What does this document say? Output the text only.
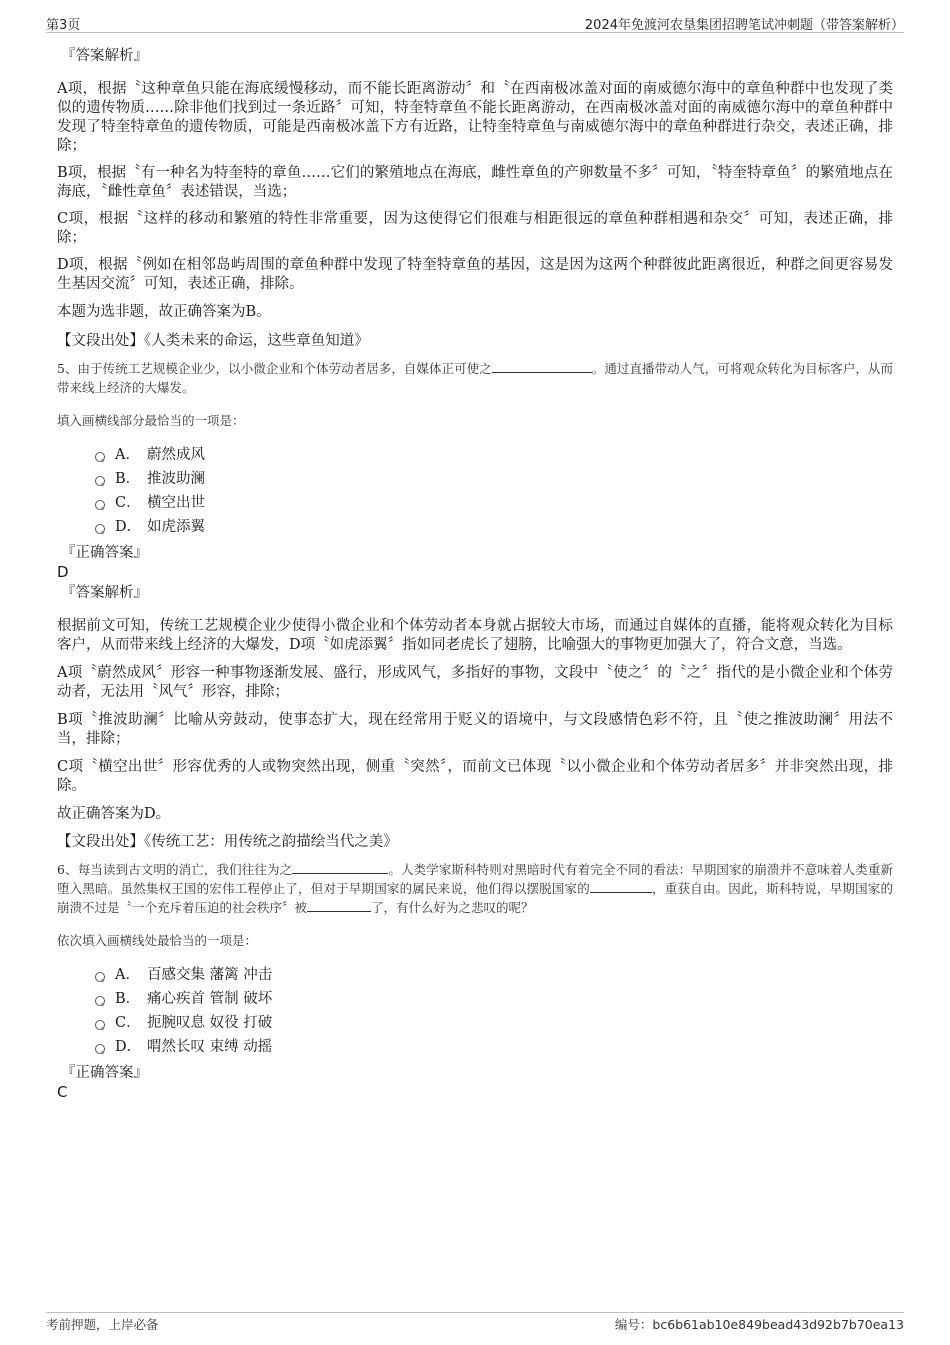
第3页	2024年免渡河农垦集团招聘笔试冲刺题（带答案解析）
『答案解析』

A项，根据〝这种章鱼只能在海底缓慢移动，而不能长距离游动〞和〝在西南极冰盖对面的南威德尔海中的章鱼种群中也发现了类似的遗传物质……除非他们找到过一条近路〞可知，特奎特章鱼不能长距离游动，在西南极冰盖对面的南威德尔海中的章鱼种群中发现了特奎特章鱼的遗传物质，可能是西南极冰盖下方有近路，让特奎特章鱼与南威德尔海中的章鱼种群进行杂交，表述正确，排除；

B项，根据〝有一种名为特奎特的章鱼……它们的繁殖地点在海底，雌性章鱼的产卵数量不多〞可知，〝特奎特章鱼〞的繁殖地点在海底，〝雌性章鱼〞表述错误，当选；

C项，根据〝这样的移动和繁殖的特性非常重要，因为这使得它们很难与相距很远的章鱼种群相遇和杂交〞可知，表述正确，排除；

D项，根据〝例如在相邻岛屿周围的章鱼种群中发现了特奎特章鱼的基因，这是因为这两个种群彼此距离很近，种群之间更容易发生基因交流〞可知，表述正确，排除。

本题为选非题，故正确答案为B。

【文段出处】《人类未来的命运，这些章鱼知道》

5、由于传统工艺规模企业少，以小微企业和个体劳动者居多，自媒体正可使之	。通过直播带动人气，可将观众转化为目标客户，从而带来线上经济的大爆发。

填入画横线部分最恰当的一项是：

A． 蔚然成风
B． 推波助澜
C． 横空出世
D． 如虎添翼
『正确答案』
D
『答案解析』

根据前文可知，传统工艺规模企业少使得小微企业和个体劳动者本身就占据较大市场，而通过自媒体的直播，能将观众转化为目标客户，从而带来线上经济的大爆发，D项〝如虎添翼〞指如同老虎长了翅膀，比喻强大的事物更加强大了，符合文意，当选。

A项〝蔚然成风〞形容一种事物逐渐发展、盛行，形成风气，多指好的事物，文段中〝使之〞的〝之〞指代的是小微企业和个体劳动者，无法用〝风气〞形容，排除；

B项〝推波助澜〞比喻从旁鼓动，使事态扩大，现在经常用于贬义的语境中，与文段感情色彩不符，且〝使之推波助澜〞用法不当，排除；

C项〝横空出世〞形容优秀的人或物突然出现，侧重〝突然〞，而前文已体现〝以小微企业和个体劳动者居多〞并非突然出现，排除。

故正确答案为D。

【文段出处】《传统工艺：用传统之韵描绘当代之美》

6、每当读到古文明的消亡，我们往往为之	。人类学家斯科特则对黑暗时代有着完全不同的看法：早期国家的崩溃并不意味着人类重新堕入黑暗。虽然集权王国的宏伟工程停止了，但对于早期国家的属民来说，他们得以摆脱国家的	，重获自由。因此，斯科特说，早期国家的崩溃不过是〝一个充斥着压迫的社会秩序〞被	了，有什么好为之悲叹的呢？

依次填入画横线处最恰当的一项是：

A． 百感交集 藩篱 冲击
B． 痛心疾首 管制 破坏
C． 扼腕叹息 奴役 打破
D． 喟然长叹 束缚 动摇
『正确答案』
C
考前押题，上岸必备	编号：bc6b61ab10e849bead43d92b7b70ea13
